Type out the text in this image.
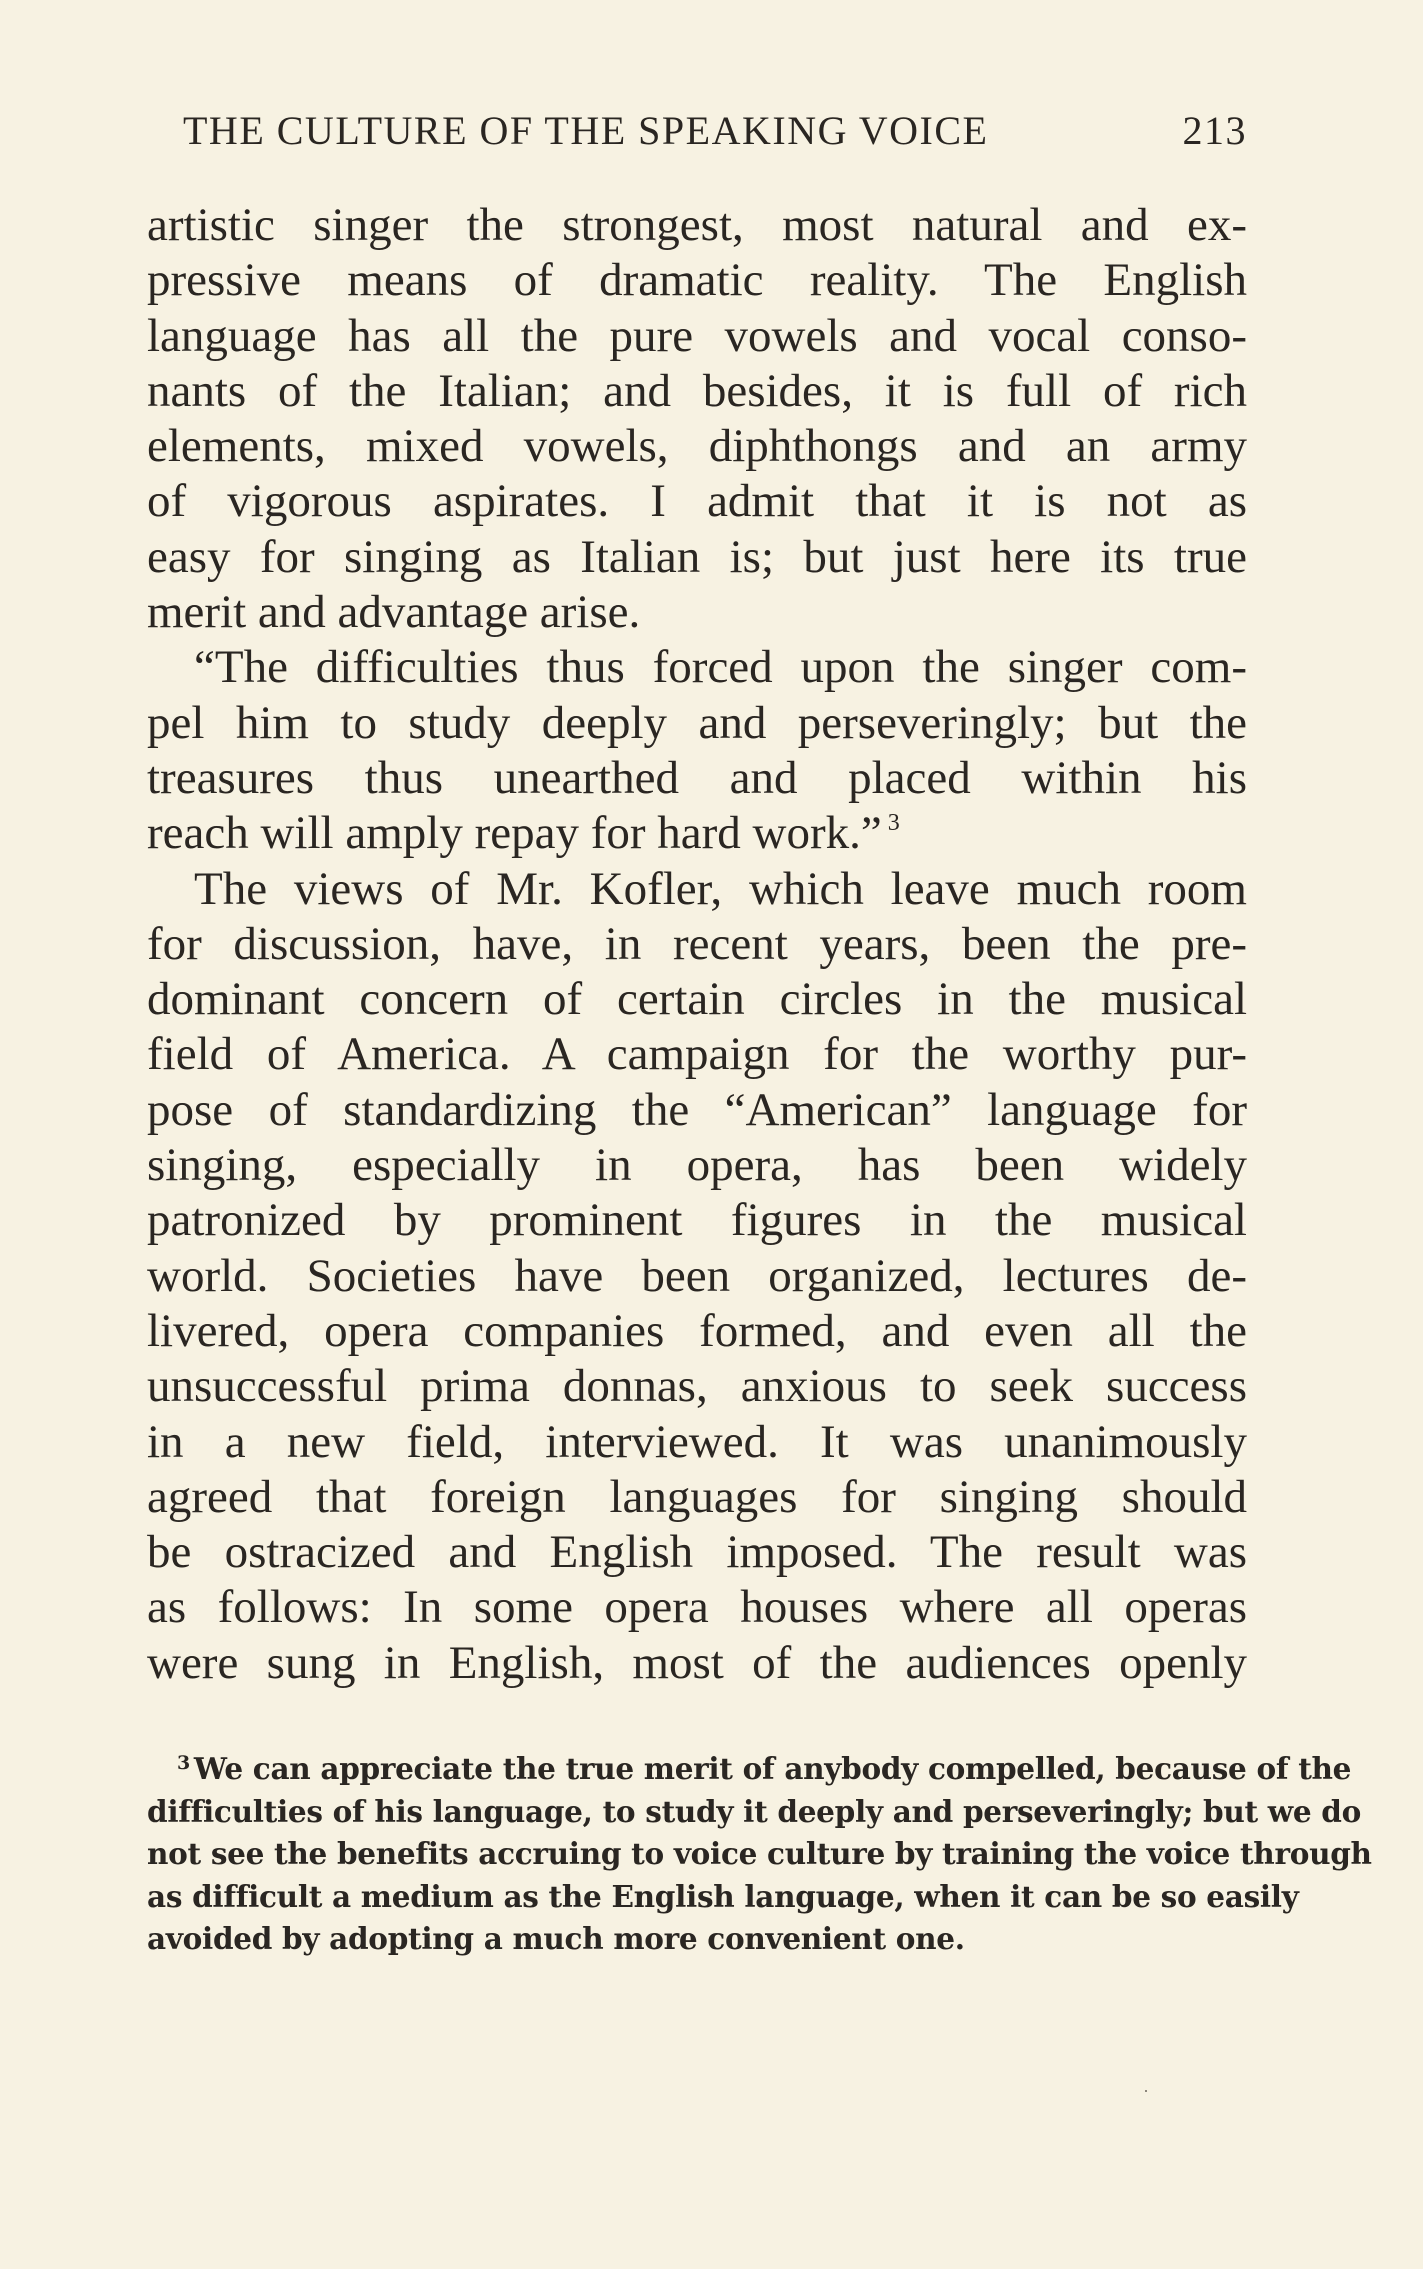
THE CULTURE OF THE SPEAKING VOICE	213
artistic singer the strongest, most natural and ex-
pressive means of dramatic reality. The English
language has all the pure vowels and vocal conso-
nants of the Italian; and besides, it is full of rich
elements, mixed vowels, diphthongs and an army
of vigorous aspirates. I admit that it is not as
easy for singing as Italian is; but just here its true
merit and advantage arise.
“The difficulties thus forced upon the singer com-
pel him to study deeply and perseveringly; but the
treasures thus unearthed and placed within his
reach will amply repay for hard work.” $^3$
The views of Mr. Kofler, which leave much room
for discussion, have, in recent years, been the pre-
dominant concern of certain circles in the musical
field of America. A campaign for the worthy pur-
pose of standardizing the “American” language for
singing, especially in opera, has been widely
patronized by prominent figures in the musical
world. Societies have been organized, lectures de-
livered, opera companies formed, and even all the
unsuccessful prima donnas, anxious to seek success
in a new field, interviewed. It was unanimously
agreed that foreign languages for singing should
be ostracized and English imposed. The result was
as follows: In some opera houses where all operas
were sung in English, most of the audiences openly
$^3$ We can appreciate the true merit of anybody compelled, because of the
difficulties of his language, to study it deeply and perseveringly; but we do
not see the benefits accruing to voice culture by training the voice through
as difficult a medium as the English language, when it can be so easily
avoided by adopting a much more convenient one.
